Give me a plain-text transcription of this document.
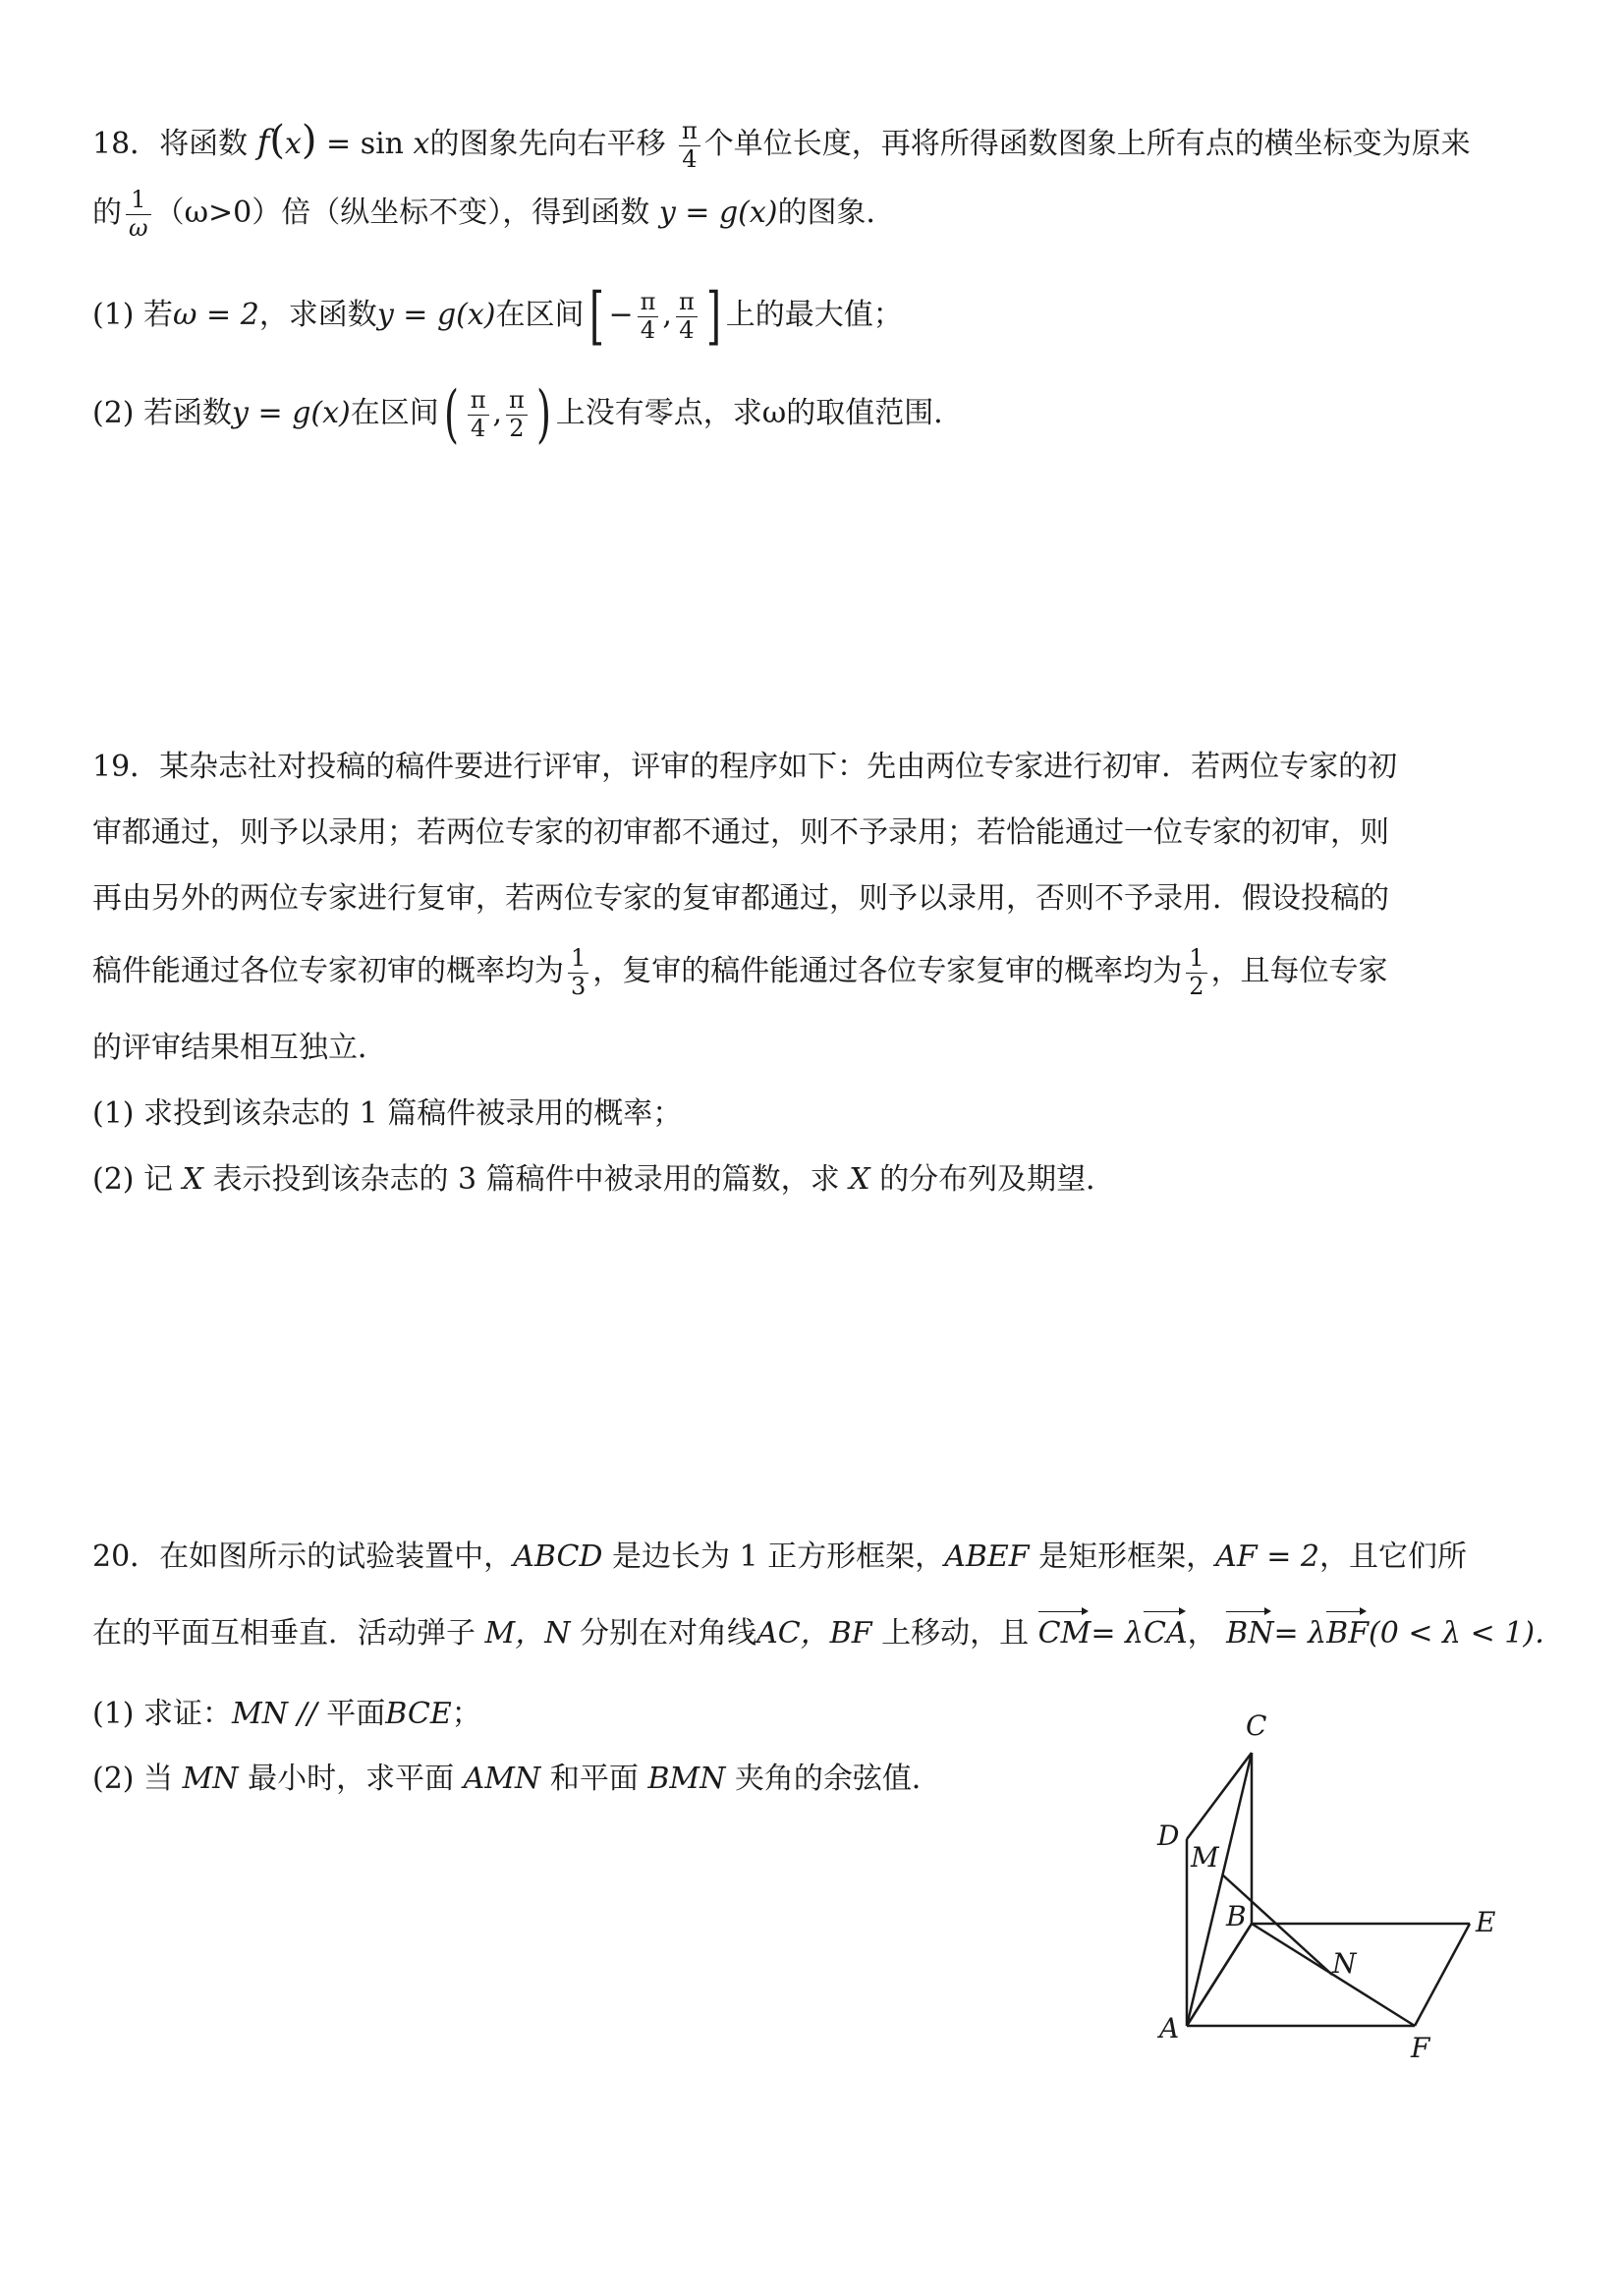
18．将函数 f(x) = sin x的图象先向右平移 $\frac{\pi}{4}$ 个单位长度，再将所得函数图象上所有点的横坐标变为原来
的 $\frac{1}{\omega} (\omega>0)$倍（纵坐标不变），得到函数 y = g(x)的图象．
(1) 若ω = 2，求函数y = g(x)在区间[ − $\frac{\pi}{4}$ , $\frac{\pi}{4}$ ] 上的最大值；
(2) 若函数y = g(x)在区间( $\frac{\pi}{4}$ , $\frac{\pi}{2}$ ) 上没有零点，求ω的取值范围．
19．某杂志社对投稿的稿件要进行评审，评审的程序如下：先由两位专家进行初审．若两位专家的初
审都通过，则予以录用；若两位专家的初审都不通过，则不予录用；若恰能通过一位专家的初审，则
再由另外的两位专家进行复审，若两位专家的复审都通过，则予以录用，否则不予录用．假设投稿的
稿件能通过各位专家初审的概率均为 $\frac{1}{3}$ ，复审的稿件能通过各位专家复审的概率均为 $\frac{1}{2}$ ，且每位专家
的评审结果相互独立．
(1) 求投到该杂志的 1 篇稿件被录用的概率；
(2) 记 X 表示投到该杂志的 3 篇稿件中被录用的篇数，求 X 的分布列及期望．
20．在如图所示的试验装置中，ABCD 是边长为 1 正方形框架，ABEF 是矩形框架，AF = 2，且它们所
在的平面互相垂直．活动弹子 M，N 分别在对角线AC，BF 上移动，且 CM= λCA， BN= λBF(0 < λ < 1)．
(1) 求证：MN // 平面BCE；
(2) 当 MN 最小时，求平面 AMN 和平面 BMN 夹角的余弦值．
C
D
M
B	E
N
A
F
